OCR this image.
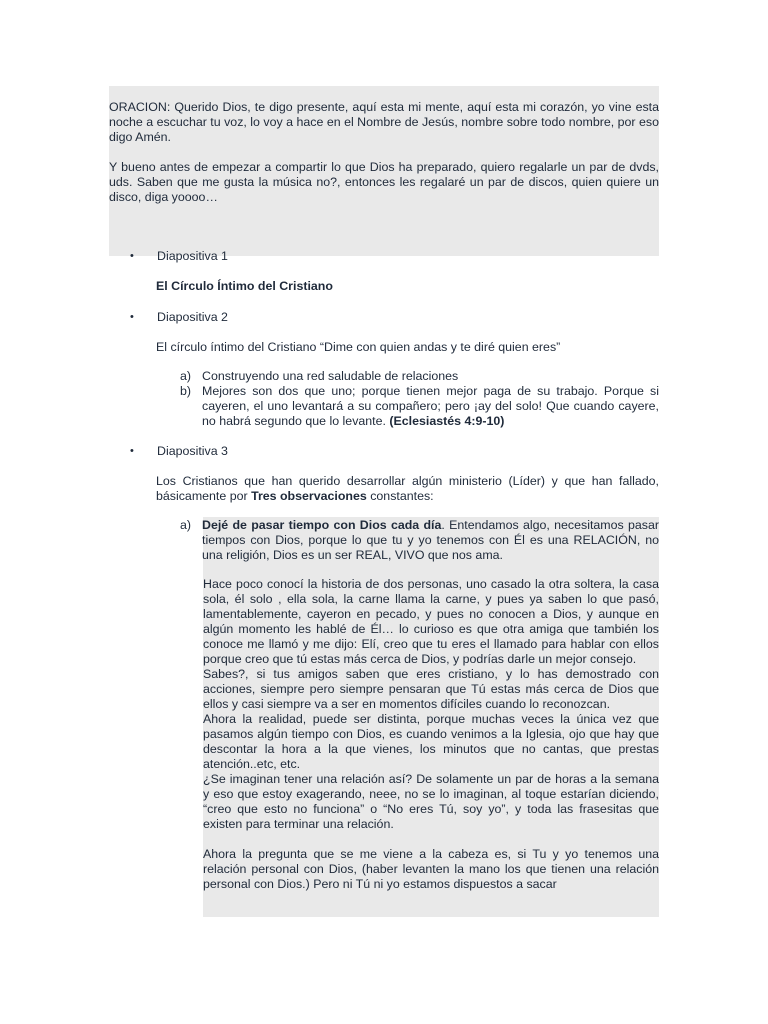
ORACION: Querido Dios, te digo presente, aquí esta mi mente, aquí esta mi corazón, yo vine esta noche a escuchar tu voz, lo voy a hace en el Nombre de Jesús, nombre sobre todo nombre, por eso digo Amén.

Y bueno antes de empezar a compartir lo que Dios ha preparado, quiero regalarle un par de dvds, uds. Saben que me gusta la música no?, entonces les regalaré un par de discos, quien quiere un disco, diga yoooo…

• Diapositiva 1
El Círculo Íntimo del Cristiano
• Diapositiva 2

El círculo íntimo del Cristiano “Dime con quien andas y te diré quien eres”

a) Construyendo una red saludable de relaciones
b) Mejores son dos que uno; porque tienen mejor paga de su trabajo. Porque si cayeren, el uno levantará a su compañero; pero ¡ay del solo! Que cuando cayere, no habrá segundo que lo levante. (Eclesiastés 4:9-10)
• Diapositiva 3

Los Cristianos que han querido desarrollar algún ministerio (Líder) y que han fallado, básicamente por Tres observaciones constantes:

a) Dejé de pasar tiempo con Dios cada día. Entendamos algo, necesitamos pasar tiempos con Dios, porque lo que tu y yo tenemos con Él es una RELACIÓN, no una religión, Dios es un ser REAL, VIVO que nos ama.

Hace poco conocí la historia de dos personas, uno casado la otra soltera, la casa sola, él solo , ella sola, la carne llama la carne, y pues ya saben lo que pasó, lamentablemente, cayeron en pecado, y pues no conocen a Dios, y aunque en algún momento les hablé de Él… lo curioso es que otra amiga que también los conoce me llamó y me dijo: Elí, creo que tu eres el llamado para hablar con ellos porque creo que tú estas más cerca de Dios, y podrías darle un mejor consejo.

Sabes?, si tus amigos saben que eres cristiano, y lo has demostrado con acciones, siempre pero siempre pensaran que Tú estas más cerca de Dios que ellos y casi siempre va a ser en momentos difíciles cuando lo reconozcan.

Ahora la realidad, puede ser distinta, porque muchas veces la única vez que pasamos algún tiempo con Dios, es cuando venimos a la Iglesia, ojo que hay que descontar la hora a la que vienes, los minutos que no cantas, que prestas atención..etc, etc.

¿Se imaginan tener una relación así? De solamente un par de horas a la semana y eso que estoy exagerando, neee, no se lo imaginan, al toque estarían diciendo, “creo que esto no funciona” o “No eres Tú, soy yo”, y toda las frasesitas que existen para terminar una relación.

Ahora la pregunta que se me viene a la cabeza es, si Tu y yo tenemos una relación personal con Dios, (haber levanten la mano los que tienen una relación personal con Dios.) Pero ni Tú ni yo estamos dispuestos a sacar
